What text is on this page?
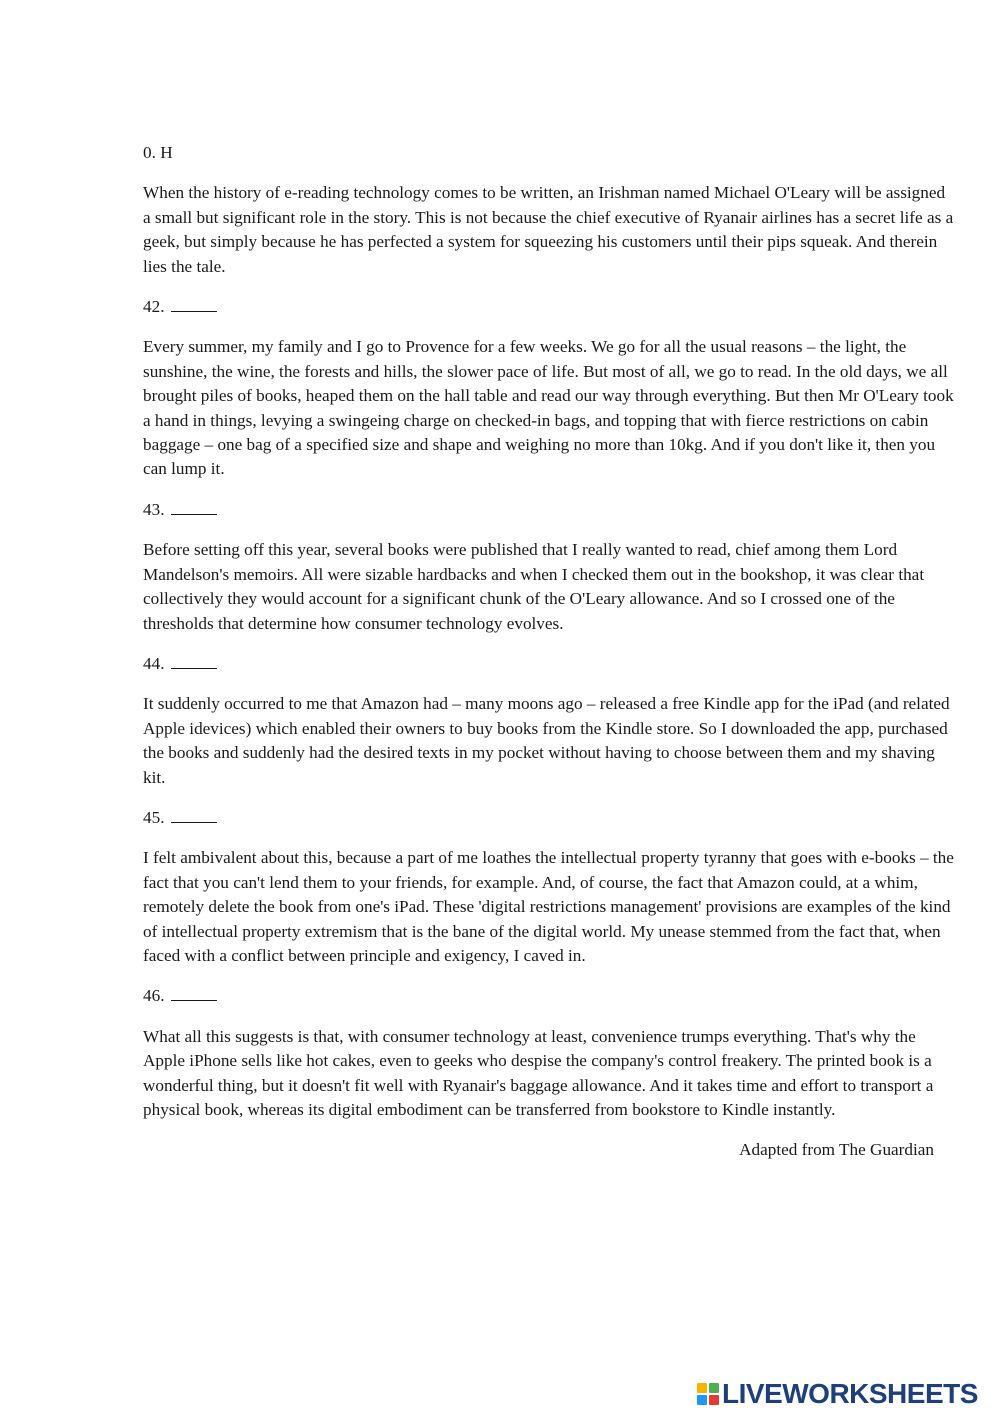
0. H

When the history of e-reading technology comes to be written, an Irishman named Michael O'Leary will be assigned a small but significant role in the story. This is not because the chief executive of Ryanair airlines has a secret life as a geek, but simply because he has perfected a system for squeezing his customers until their pips squeak. And therein lies the tale.

42.

Every summer, my family and I go to Provence for a few weeks. We go for all the usual reasons – the light, the sunshine, the wine, the forests and hills, the slower pace of life. But most of all, we go to read. In the old days, we all brought piles of books, heaped them on the hall table and read our way through everything. But then Mr O'Leary took a hand in things, levying a swingeing charge on checked-in bags, and topping that with fierce restrictions on cabin baggage – one bag of a specified size and shape and weighing no more than 10kg. And if you don't like it, then you can lump it.

43.

Before setting off this year, several books were published that I really wanted to read, chief among them Lord Mandelson's memoirs. All were sizable hardbacks and when I checked them out in the bookshop, it was clear that collectively they would account for a significant chunk of the O'Leary allowance. And so I crossed one of the thresholds that determine how consumer technology evolves.

44.

It suddenly occurred to me that Amazon had – many moons ago – released a free Kindle app for the iPad (and related Apple idevices) which enabled their owners to buy books from the Kindle store. So I downloaded the app, purchased the books and suddenly had the desired texts in my pocket without having to choose between them and my shaving kit.

45.

I felt ambivalent about this, because a part of me loathes the intellectual property tyranny that goes with e-books – the fact that you can't lend them to your friends, for example. And, of course, the fact that Amazon could, at a whim, remotely delete the book from one's iPad. These 'digital restrictions management' provisions are examples of the kind of intellectual property extremism that is the bane of the digital world. My unease stemmed from the fact that, when faced with a conflict between principle and exigency, I caved in.

46.

What all this suggests is that, with consumer technology at least, convenience trumps everything. That's why the Apple iPhone sells like hot cakes, even to geeks who despise the company's control freakery. The printed book is a wonderful thing, but it doesn't fit well with Ryanair's baggage allowance. And it takes time and effort to transport a physical book, whereas its digital embodiment can be transferred from bookstore to Kindle instantly.

Adapted from The Guardian

LIVEWORKSHEETS
